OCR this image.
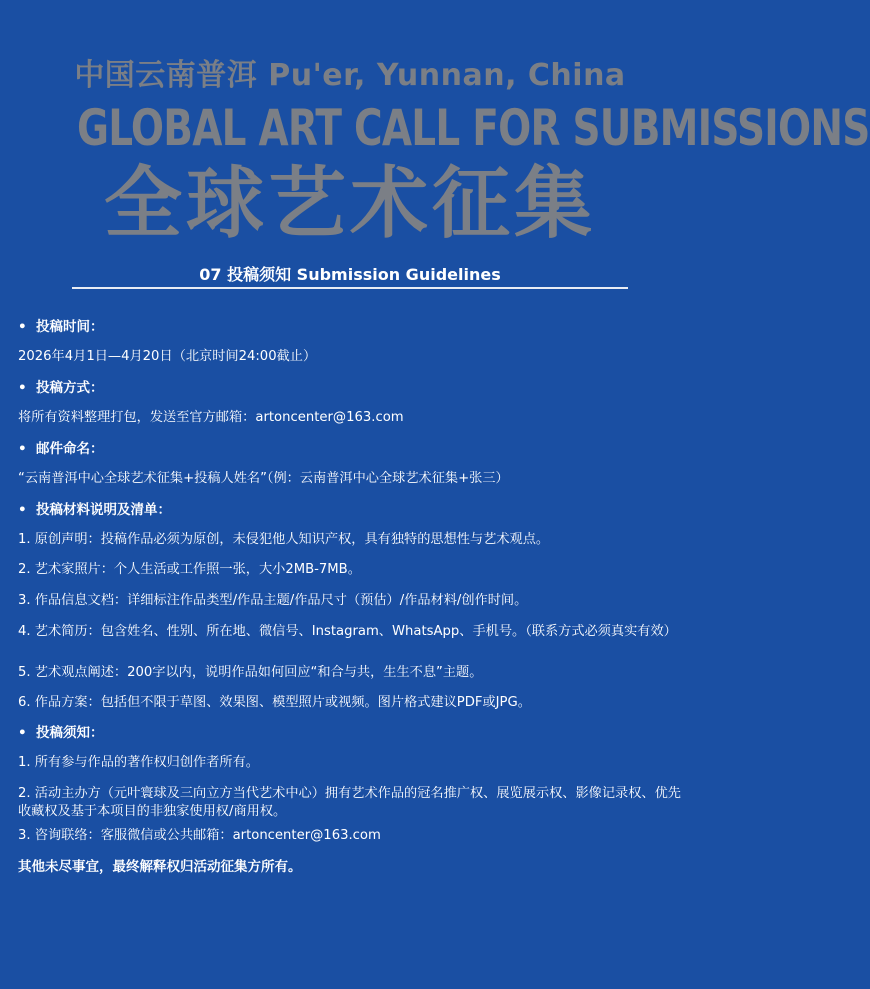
中国云南普洱 Pu'er, Yunnan, China
GLOBAL ART CALL FOR SUBMISSIONS
全球艺术征集
07 投稿须知 Submission Guidelines
• 投稿时间：
2026年4月1日—4月20日（北京时间24:00截止）
• 投稿方式：
将所有资料整理打包，发送至官方邮箱：artoncenter@163.com
• 邮件命名：
“云南普洱中心全球艺术征集+投稿人姓名”（例：云南普洱中心全球艺术征集+张三）
• 投稿材料说明及清单：
1. 原创声明：投稿作品必须为原创，未侵犯他人知识产权，具有独特的思想性与艺术观点。
2. 艺术家照片：个人生活或工作照一张，大小2MB-7MB。
3. 作品信息文档：详细标注作品类型/作品主题/作品尺寸（预估）/作品材料/创作时间。
4. 艺术简历：包含姓名、性别、所在地、微信号、Instagram、WhatsApp、手机号。（联系方式必须真实有效）
5. 艺术观点阐述：200字以内，说明作品如何回应“和合与共，生生不息”主题。
6. 作品方案：包括但不限于草图、效果图、模型照片或视频。图片格式建议PDF或JPG。
• 投稿须知：
1. 所有参与作品的著作权归创作者所有。
2. 活动主办方（元叶寰球及三向立方当代艺术中心）拥有艺术作品的冠名推广权、展览展示权、影像记录权、优先收藏权及基于本项目的非独家使用权/商用权。
3. 咨询联络：客服微信或公共邮箱：artoncenter@163.com
其他未尽事宜，最终解释权归活动征集方所有。
